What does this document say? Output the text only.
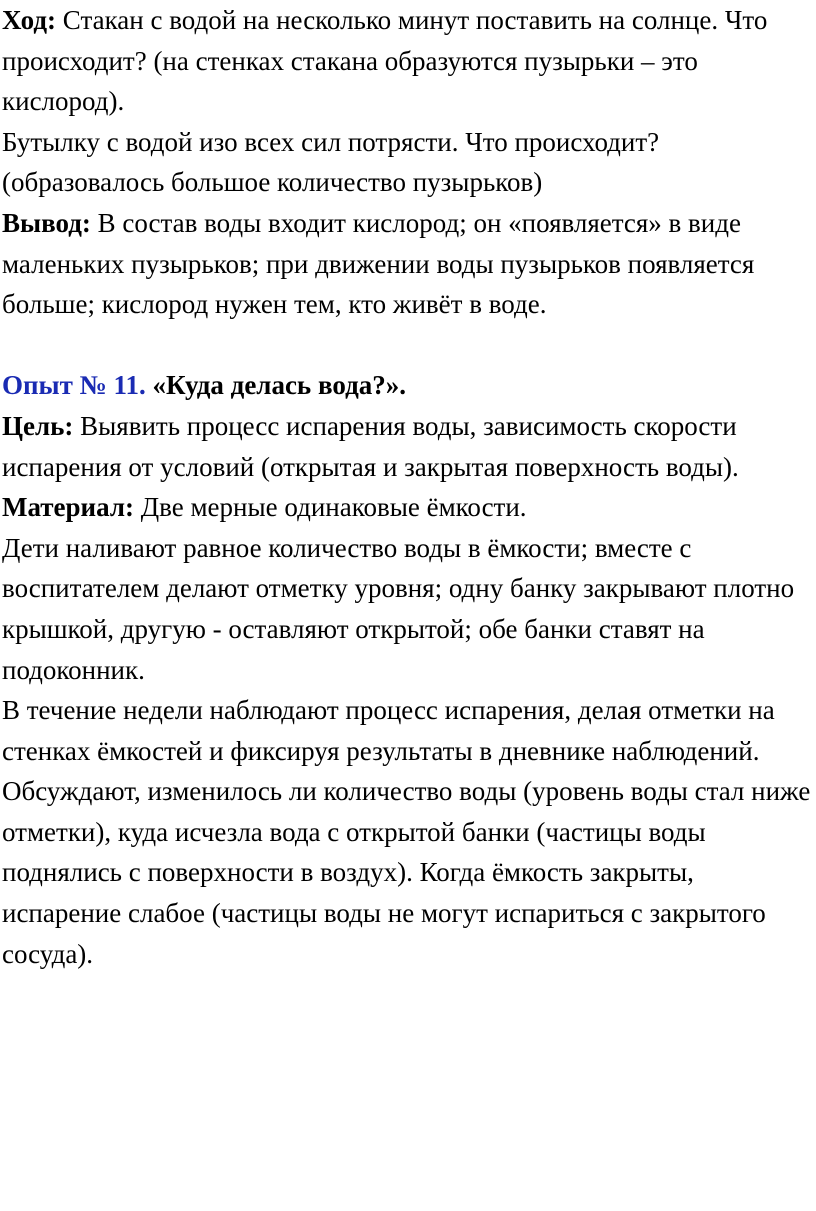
Ход: Стакан с водой на несколько минут поставить на солнце. Что происходит? (на стенках стакана образуются пузырьки – это кислород).

Бутылку с водой изо всех сил потрясти. Что происходит? (образовалось большое количество пузырьков)

Вывод: В состав воды входит кислород; он «появляется» в виде маленьких пузырьков; при движении воды пузырьков появляется больше; кислород нужен тем, кто живёт в воде.

Опыт № 11. «Куда делась вода?».

Цель: Выявить процесс испарения воды, зависимость скорости испарения от условий (открытая и закрытая поверхность воды).

Материал: Две мерные одинаковые ёмкости.

Дети наливают равное количество воды в ёмкости; вместе с воспитателем делают отметку уровня; одну банку закрывают плотно крышкой, другую - оставляют открытой; обе банки ставят на подоконник.

В течение недели наблюдают процесс испарения, делая отметки на стенках ёмкостей и фиксируя результаты в дневнике наблюдений. Обсуждают, изменилось ли количество воды (уровень воды стал ниже отметки), куда исчезла вода с открытой банки (частицы воды поднялись с поверхности в воздух). Когда ёмкость закрыты, испарение слабое (частицы воды не могут испариться с закрытого сосуда).
